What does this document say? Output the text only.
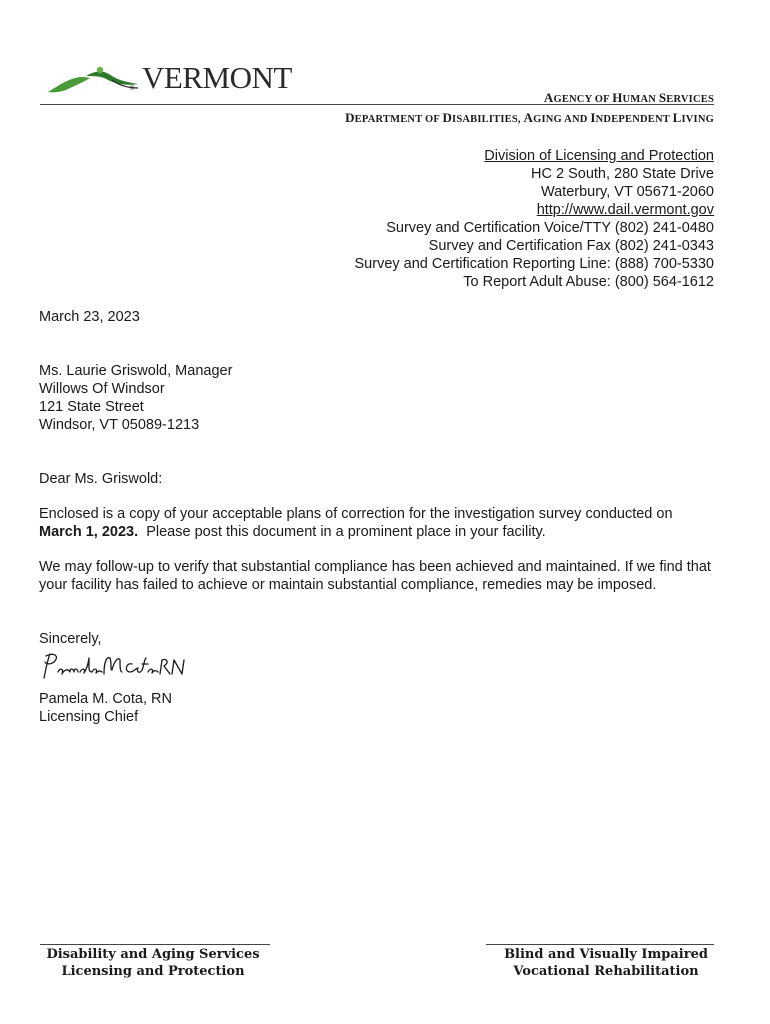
VERMONT
®
AGENCY OF HUMAN SERVICES
DEPARTMENT OF DISABILITIES, AGING AND INDEPENDENT LIVING
Division of Licensing and Protection
HC 2 South, 280 State Drive
Waterbury, VT 05671-2060
http://www.dail.vermont.gov
Survey and Certification Voice/TTY (802) 241-0480
Survey and Certification Fax (802) 241-0343
Survey and Certification Reporting Line: (888) 700-5330
To Report Adult Abuse: (800) 564-1612
March 23, 2023
Ms. Laurie Griswold, Manager
Willows Of Windsor
121 State Street
Windsor, VT 05089-1213
Dear Ms. Griswold:
Enclosed is a copy of your acceptable plans of correction for the investigation survey conducted on March 1, 2023.  Please post this document in a prominent place in your facility.
We may follow-up to verify that substantial compliance has been achieved and maintained. If we find that your facility has failed to achieve or maintain substantial compliance, remedies may be imposed.
Sincerely,
Pamela M. Cota, RN
Licensing Chief
Disability and Aging Services
Licensing and Protection
Blind and Visually Impaired
Vocational Rehabilitation
